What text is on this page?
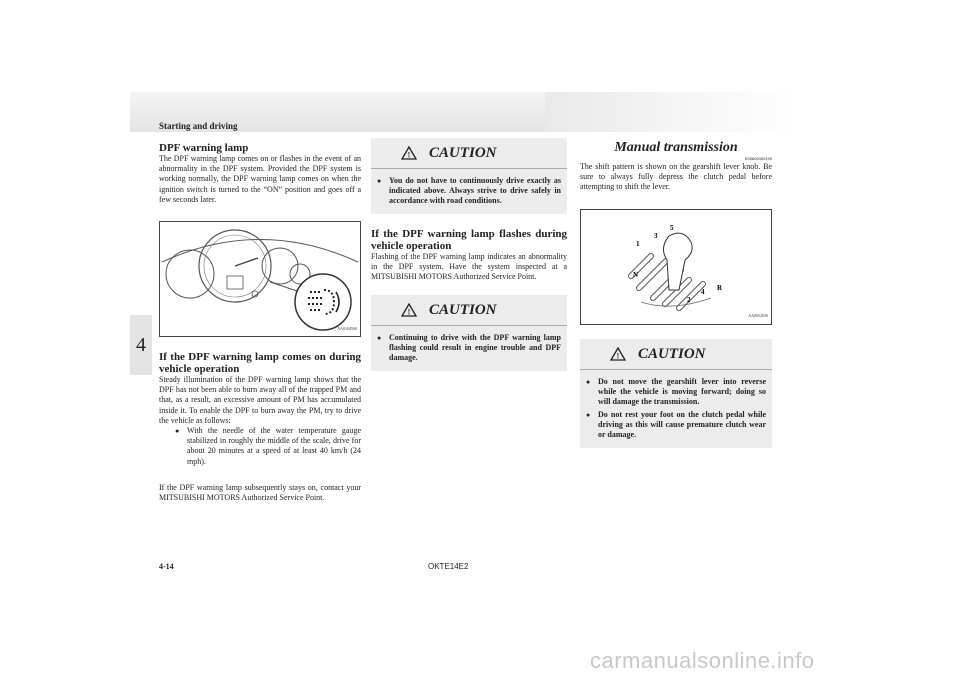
Starting and driving
4
DPF warning lamp

The DPF warning lamp comes on or flashes in the event of an abnormality in the DPF system. Provided the DPF system is working normally, the DPF warning lamp comes on when the ignition switch is turned to the “ON” position and goes off a few seconds later.

AA0104560
If the DPF warning lamp comes on during vehicle operation

Steady illumination of the DPF warning lamp shows that the DPF has not been able to burn away all of the trapped PM and that, as a result, an excessive amount of PM has accumulated inside it. To enable the DPF to burn away the PM, try to drive the vehicle as follows:

● With the needle of the water temperature gauge stabilized in roughly the middle of the scale, drive for about 20 minutes at a speed of at least 40 km/h (24 mph).

If the DPF warning lamp subsequently stays on, contact your MITSUBISHI MOTORS Authorized Service Point.

! CAUTION
● You do not have to continuously drive exactly as indicated above. Always strive to drive safely in accordance with road conditions.
If the DPF warning lamp flashes during vehicle operation

Flashing of the DPF warning lamp indicates an abnormality in the DPF system. Have the system inspected at a MITSUBISHI MOTORS Authorized Service Point.

! CAUTION
● Continuing to drive with the DPF warning lamp flashing could result in engine trouble and DPF damage.
Manual transmission
E00602000199

The shift pattern is shown on the gearshift lever knob. Be sure to always fully depress the clutch pedal before attempting to shift the lever.

1
3
5
N
2
4 R
AA0052036
! CAUTION
● Do not move the gearshift lever into reverse while the vehicle is moving forward; doing so will damage the transmission.
● Do not rest your foot on the clutch pedal while driving as this will cause premature clutch wear or damage.
4-14	OKTE14E2
carmanualsonline.info
